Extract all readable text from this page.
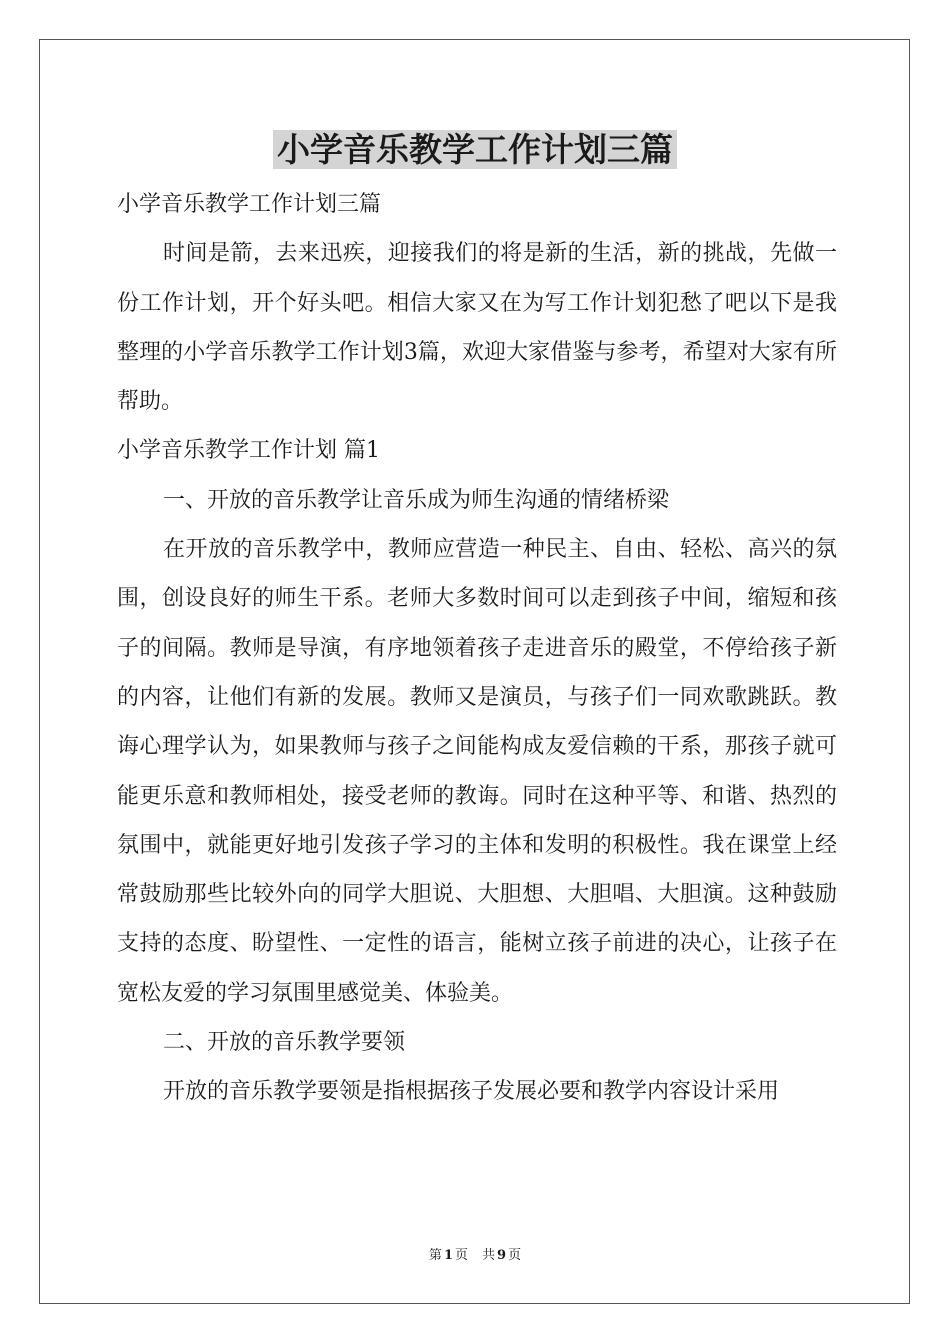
小学音乐教学工作计划三篇

小学音乐教学工作计划三篇

时间是箭，去来迅疾，迎接我们的将是新的生活，新的挑战，先做一份工作计划，开个好头吧。相信大家又在为写工作计划犯愁了吧以下是我整理的小学音乐教学工作计划3篇，欢迎大家借鉴与参考，希望对大家有所帮助。

小学音乐教学工作计划 篇1

一、开放的音乐教学让音乐成为师生沟通的情绪桥梁

在开放的音乐教学中，教师应营造一种民主、自由、轻松、高兴的氛围，创设良好的师生干系。老师大多数时间可以走到孩子中间，缩短和孩子的间隔。教师是导演，有序地领着孩子走进音乐的殿堂，不停给孩子新的内容，让他们有新的发展。教师又是演员，与孩子们一同欢歌跳跃。教诲心理学认为，如果教师与孩子之间能构成友爱信赖的干系，那孩子就可能更乐意和教师相处，接受老师的教诲。同时在这种平等、和谐、热烈的氛围中，就能更好地引发孩子学习的主体和发明的积极性。我在课堂上经常鼓励那些比较外向的同学大胆说、大胆想、大胆唱、大胆演。这种鼓励支持的态度、盼望性、一定性的语言，能树立孩子前进的决心，让孩子在宽松友爱的学习氛围里感觉美、体验美。

二、开放的音乐教学要领

开放的音乐教学要领是指根据孩子发展必要和教学内容设计采用

第 1 页 共 9 页
